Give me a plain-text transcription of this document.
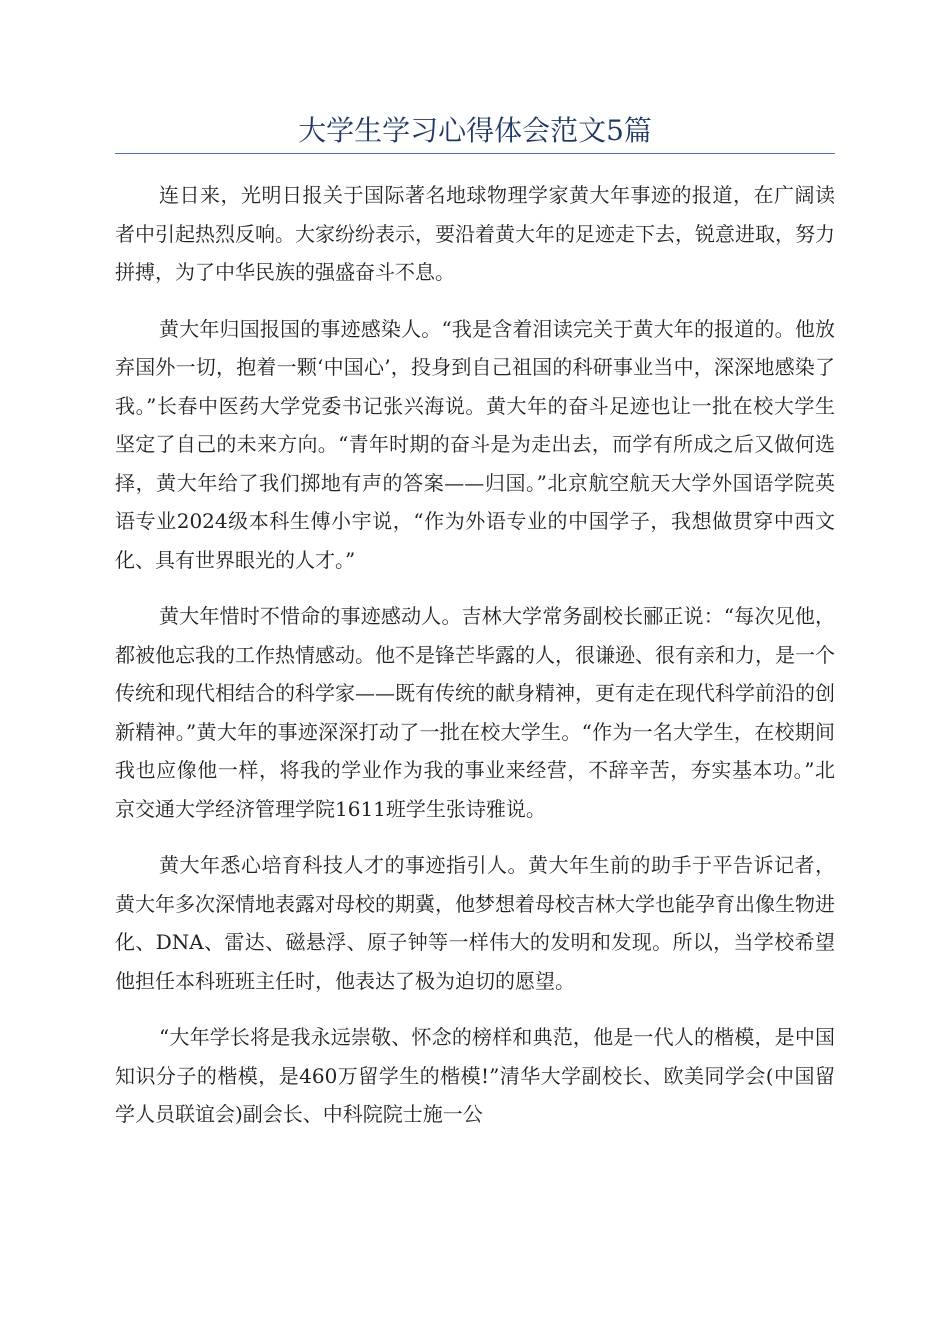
大学生学习心得体会范文5篇

连日来，光明日报关于国际著名地球物理学家黄大年事迹的报道，在广阔读者中引起热烈反响。大家纷纷表示，要沿着黄大年的足迹走下去，锐意进取，努力拼搏，为了中华民族的强盛奋斗不息。

黄大年归国报国的事迹感染人。“我是含着泪读完关于黄大年的报道的。他放弃国外一切，抱着一颗‘中国心’，投身到自己祖国的科研事业当中，深深地感染了我。”长春中医药大学党委书记张兴海说。黄大年的奋斗足迹也让一批在校大学生坚定了自己的未来方向。“青年时期的奋斗是为走出去，而学有所成之后又做何选择，黄大年给了我们掷地有声的答案——归国。”北京航空航天大学外国语学院英语专业2024级本科生傅小宇说，“作为外语专业的中国学子，我想做贯穿中西文化、具有世界眼光的人才。”

黄大年惜时不惜命的事迹感动人。吉林大学常务副校长郦正说：“每次见他，都被他忘我的工作热情感动。他不是锋芒毕露的人，很谦逊、很有亲和力，是一个传统和现代相结合的科学家——既有传统的献身精神，更有走在现代科学前沿的创新精神。”黄大年的事迹深深打动了一批在校大学生。“作为一名大学生，在校期间我也应像他一样，将我的学业作为我的事业来经营，不辞辛苦，夯实基本功。”北京交通大学经济管理学院1611班学生张诗雅说。

黄大年悉心培育科技人才的事迹指引人。黄大年生前的助手于平告诉记者，黄大年多次深情地表露对母校的期冀，他梦想着母校吉林大学也能孕育出像生物进化、DNA、雷达、磁悬浮、原子钟等一样伟大的发明和发现。所以，当学校希望他担任本科班班主任时，他表达了极为迫切的愿望。

“大年学长将是我永远崇敬、怀念的榜样和典范，他是一代人的楷模，是中国知识分子的楷模，是460万留学生的楷模!”清华大学副校长、欧美同学会(中国留学人员联谊会)副会长、中科院院士施一公
